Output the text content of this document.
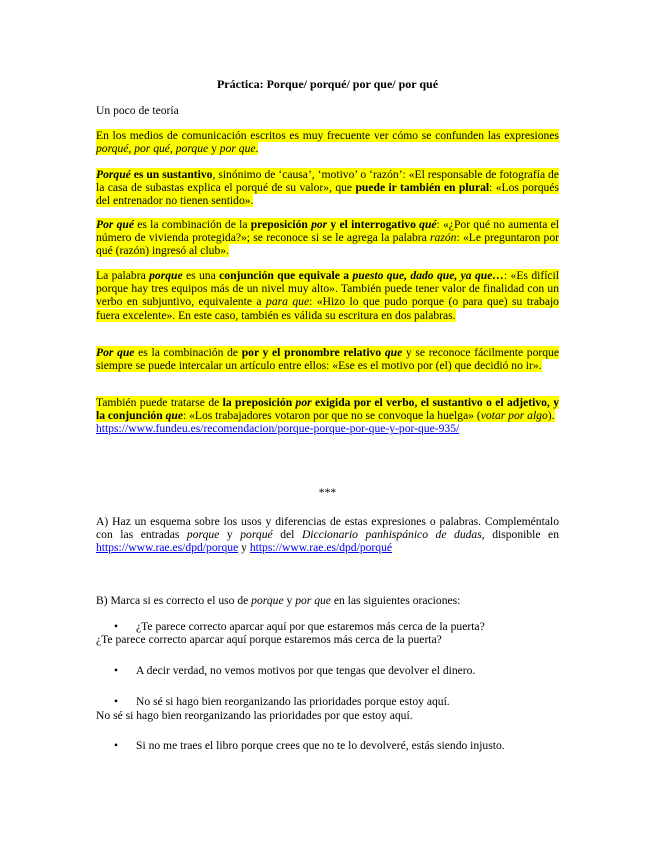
Práctica: Porque/ porqué/ por que/ por qué

Un poco de teoría

En los medios de comunicación escritos es muy frecuente ver cómo se confunden las expresiones porqué, por qué, porque y por que.

Porqué es un sustantivo, sinónimo de ‘causa’, ‘motivo’ o ‘razón’: «El responsable de fotografía de la casa de subastas explica el porqué de su valor», que puede ir también en plural: «Los porqués del entrenador no tienen sentido».

Por qué es la combinación de la preposición por y el interrogativo qué: «¿Por qué no aumenta el número de vivienda protegida?»; se reconoce si se le agrega la palabra razón: «Le preguntaron por qué (razón) ingresó al club».

La palabra porque es una conjunción que equivale a puesto que, dado que, ya que…: «Es difícil porque hay tres equipos más de un nivel muy alto». También puede tener valor de finalidad con un verbo en subjuntivo, equivalente a para que: «Hizo lo que pudo porque (o para que) su trabajo fuera excelente». En este caso, también es válida su escritura en dos palabras.

Por que es la combinación de por y el pronombre relativo que y se reconoce fácilmente porque siempre se puede intercalar un artículo entre ellos: «Ese es el motivo por (el) que decidió no ir».

También puede tratarse de la preposición por exigida por el verbo, el sustantivo o el adjetivo, y la conjunción que: «Los trabajadores votaron por que no se convoque la huelga» (votar por algo).
https://www.fundeu.es/recomendacion/porque-porque-por-que-y-por-que-935/

***

A) Haz un esquema sobre los usos y diferencias de estas expresiones o palabras. Compleméntalo con las entradas porque y porqué del Diccionario panhispánico de dudas, disponible en https://www.rae.es/dpd/porque y https://www.rae.es/dpd/porqué

B) Marca si es correcto el uso de porque y por que en las siguientes oraciones:

• ¿Te parece correcto aparcar aquí por que estaremos más cerca de la puerta?

¿Te parece correcto aparcar aquí porque estaremos más cerca de la puerta?

• A decir verdad, no vemos motivos por que tengas que devolver el dinero.

• No sé si hago bien reorganizando las prioridades porque estoy aquí.

No sé si hago bien reorganizando las prioridades por que estoy aquí.

• Si no me traes el libro porque crees que no te lo devolveré, estás siendo injusto.
